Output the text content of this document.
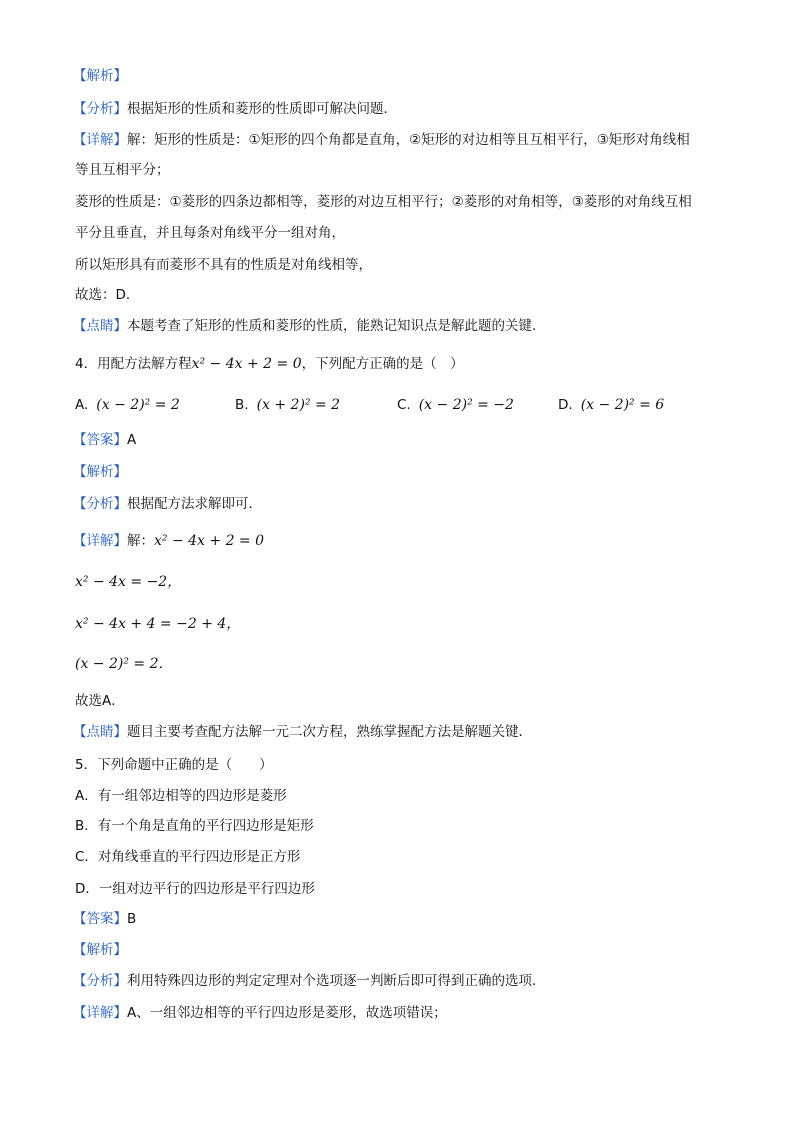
【解析】
【分析】根据矩形的性质和菱形的性质即可解决问题．
【详解】解：矩形的性质是：①矩形的四个角都是直角，②矩形的对边相等且互相平行，③矩形对角线相
等且互相平分；
菱形的性质是：①菱形的四条边都相等，菱形的对边互相平行；②菱形的对角相等，③菱形的对角线互相
平分且垂直，并且每条对角线平分一组对角，
所以矩形具有而菱形不具有的性质是对角线相等，
故选：D．
【点睛】本题考查了矩形的性质和菱形的性质，能熟记知识点是解此题的关键．
4．用配方法解方程x² − 4x + 2 = 0，下列配方正确的是（　）
A. (x − 2)² = 2	B. (x + 2)² = 2	C. (x − 2)² = −2	D. (x − 2)² = 6
【答案】A
【解析】
【分析】根据配方法求解即可．
【详解】解：x² − 4x + 2 = 0
x² − 4x = −2，
x² − 4x + 4 = −2 + 4，
(x − 2)² = 2．
故选A．
【点睛】题目主要考查配方法解一元二次方程，熟练掌握配方法是解题关键．
5．下列命题中正确的是（　　）
A．有一组邻边相等的四边形是菱形
B．有一个角是直角的平行四边形是矩形
C．对角线垂直的平行四边形是正方形
D．一组对边平行的四边形是平行四边形
【答案】B
【解析】
【分析】利用特殊四边形的判定定理对个选项逐一判断后即可得到正确的选项．
【详解】A、一组邻边相等的平行四边形是菱形，故选项错误；
